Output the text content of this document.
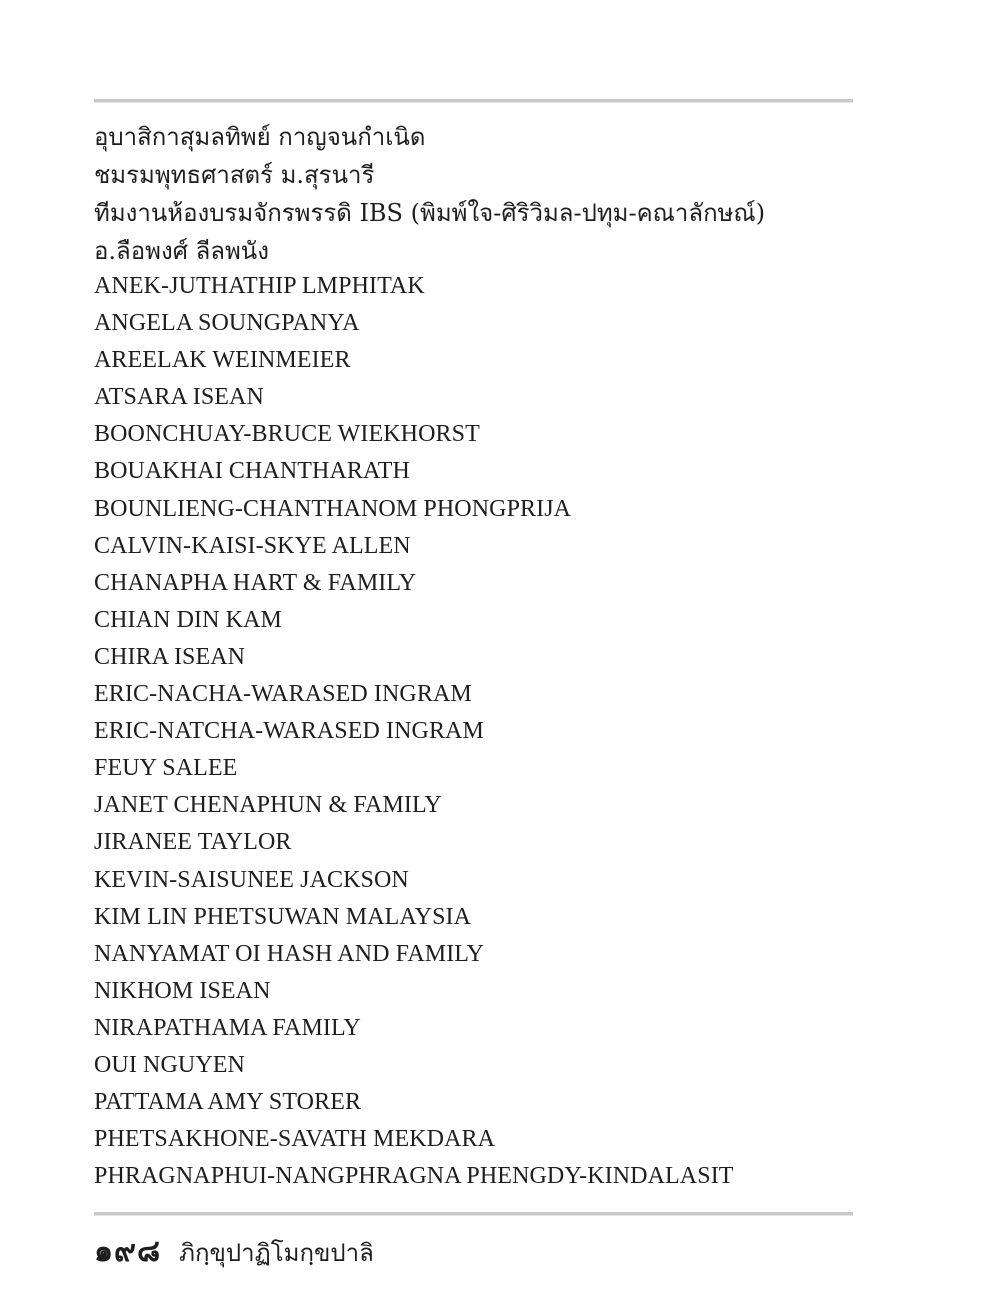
อุบาสิกาสุมลทิพย์ กาญจนกำเนิด
ชมรมพุทธศาสตร์ ม.สุรนารี
ทีมงานห้องบรมจักรพรรดิ IBS (พิมพ์ใจ-ศิริวิมล-ปทุม-คณาลักษณ์)
อ.ลือพงศ์ ลีลพนัง
ANEK-JUTHATHIP LMPHITAK
ANGELA SOUNGPANYA
AREELAK WEINMEIER
ATSARA ISEAN
BOONCHUAY-BRUCE WIEKHORST
BOUAKHAI CHANTHARATH
BOUNLIENG-CHANTHANOM PHONGPRIJA
CALVIN-KAISI-SKYE ALLEN
CHANAPHA HART & FAMILY
CHIAN DIN KAM
CHIRA ISEAN
ERIC-NACHA-WARASED INGRAM
ERIC-NATCHA-WARASED INGRAM
FEUY SALEE
JANET CHENAPHUN & FAMILY
JIRANEE TAYLOR
KEVIN-SAISUNEE JACKSON
KIM LIN PHETSUWAN MALAYSIA
NANYAMAT OI HASH AND FAMILY
NIKHOM ISEAN
NIRAPATHAMA FAMILY
OUI NGUYEN
PATTAMA AMY STORER
PHETSAKHONE-SAVATH MEKDARA
PHRAGNAPHUI-NANGPHRAGNA PHENGDY-KINDALASIT
๑๙๘ ภิกฺขุปาฏิโมกฺขปาลิ
